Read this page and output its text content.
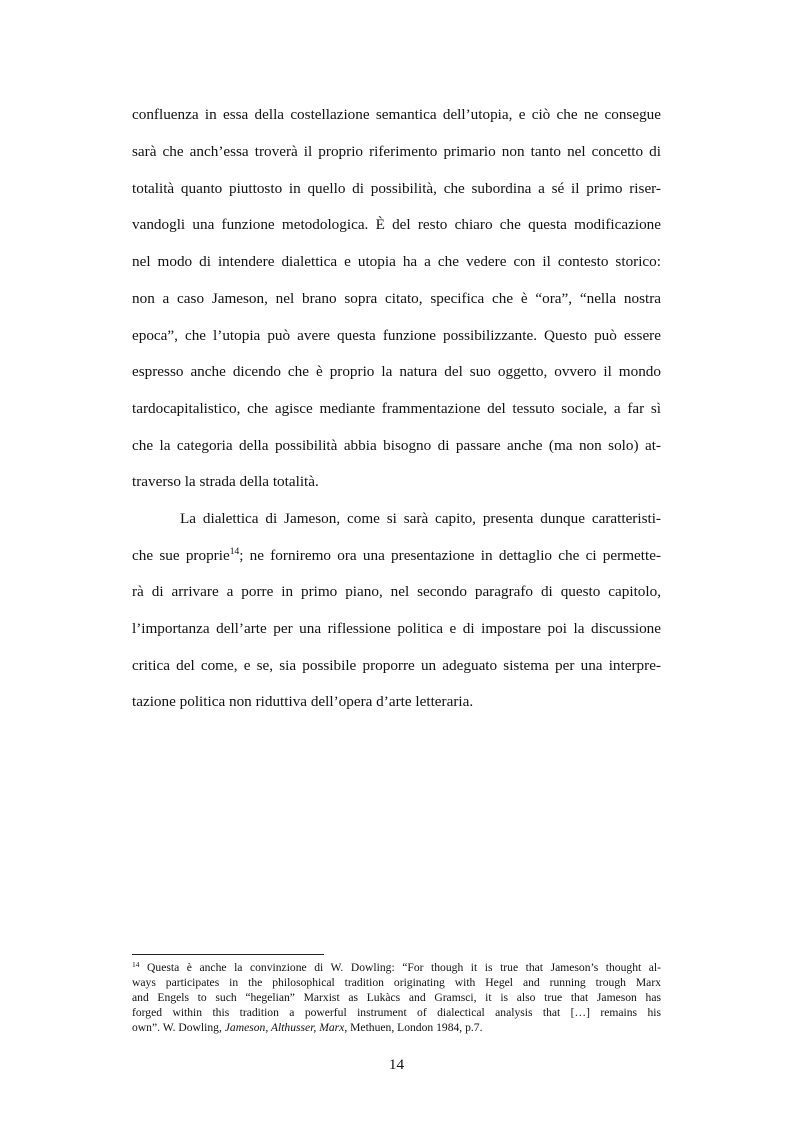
confluenza in essa della costellazione semantica dell’utopia, e ciò che ne consegue
sarà che anch’essa troverà il proprio riferimento primario non tanto nel concetto di
totalità quanto piuttosto in quello di possibilità, che subordina a sé il primo riser-
vandogli una funzione metodologica. È del resto chiaro che questa modificazione
nel modo di intendere dialettica e utopia ha a che vedere con il contesto storico:
non a caso Jameson, nel brano sopra citato, specifica che è “ora”, “nella nostra
epoca”, che l’utopia può avere questa funzione possibilizzante. Questo può essere
espresso anche dicendo che è proprio la natura del suo oggetto, ovvero il mondo
tardocapitalistico, che agisce mediante frammentazione del tessuto sociale, a far sì
che la categoria della possibilità abbia bisogno di passare anche (ma non solo) at-
traverso la strada della totalità.
La dialettica di Jameson, come si sarà capito, presenta dunque caratteristi-
che sue proprie$^{14}$; ne forniremo ora una presentazione in dettaglio che ci permette-
rà di arrivare a porre in primo piano, nel secondo paragrafo di questo capitolo,
l’importanza dell’arte per una riflessione politica e di impostare poi la discussione
critica del come, e se, sia possibile proporre un adeguato sistema per una interpre-
tazione politica non riduttiva dell’opera d’arte letteraria.
$^{14}$ Questa è anche la convinzione di W. Dowling: “For though it is true that Jameson’s thought al-
ways participates in the philosophical tradition originating with Hegel and running trough Marx
and Engels to such “hegelian” Marxist as Lukàcs and Gramsci, it is also true that Jameson has
forged within this tradition a powerful instrument of dialectical analysis that […] remains his
own”. W. Dowling, Jameson, Althusser, Marx, Methuen, London 1984, p.7.
14
